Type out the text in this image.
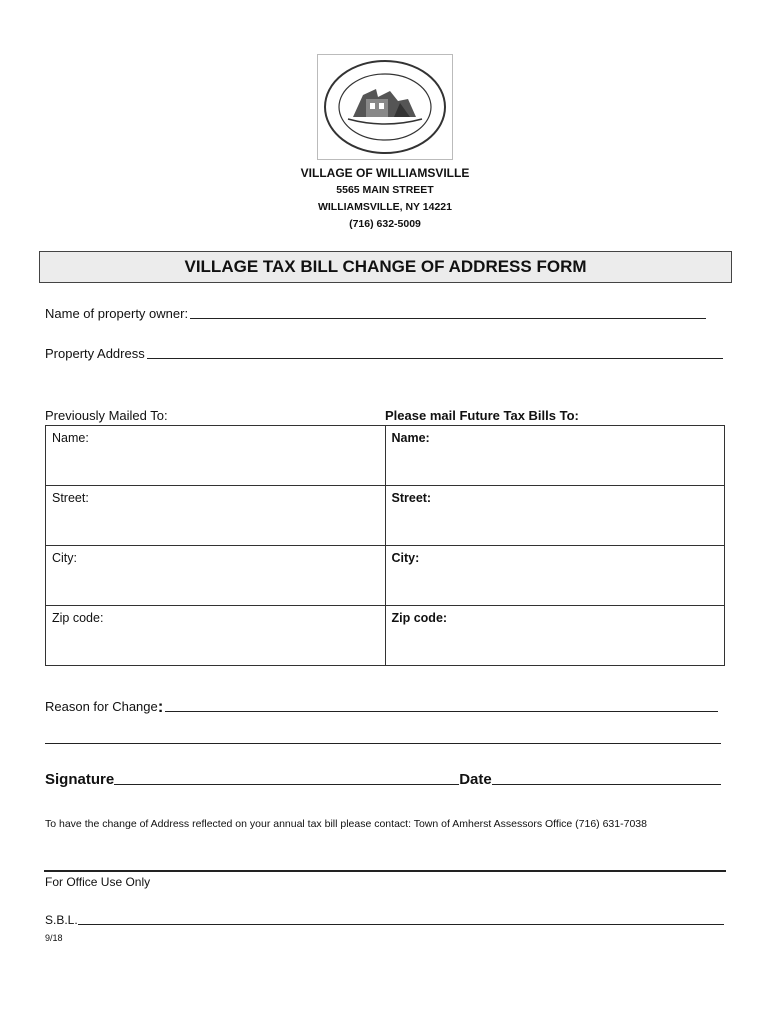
VILLAGE OF WILLIAMSVILLE
5565 MAIN STREET
WILLIAMSVILLE, NY 14221
(716) 632-5009
VILLAGE TAX BILL CHANGE OF ADDRESS FORM
Name of property owner:
Property Address
Previously Mailed To:	Please mail Future Tax Bills To:
Name:	Name:
Street:	Street:
City:	City:
Zip code:	Zip code:
Reason for Change :
Signature	Date
To have the change of Address reflected on your annual tax bill please contact: Town of Amherst Assessors Office (716) 631-7038
For Office Use Only
S.B.L.
9/18
